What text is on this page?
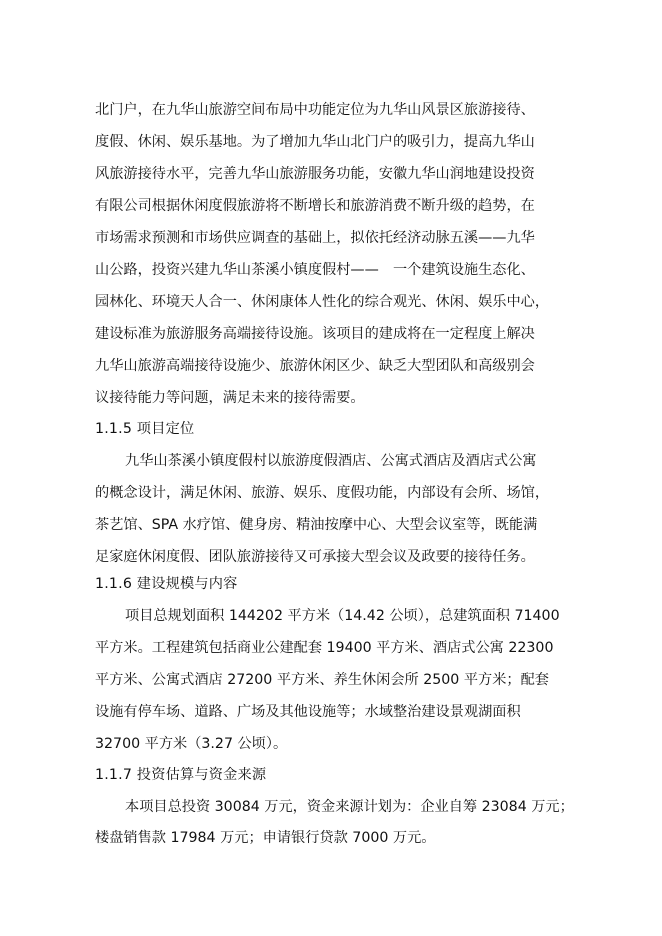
北门户，在九华山旅游空间布局中功能定位为九华山风景区旅游接待、
度假、休闲、娱乐基地。为了增加九华山北门户的吸引力，提高九华山
风旅游接待水平，完善九华山旅游服务功能，安徽九华山润地建设投资
有限公司根据休闲度假旅游将不断增长和旅游消费不断升级的趋势，在
市场需求预测和市场供应调查的基础上，拟依托经济动脉五溪——九华
山公路，投资兴建九华山茶溪小镇度假村——　一个建筑设施生态化、
园林化、环境天人合一、休闲康体人性化的综合观光、休闲、娱乐中心，
建设标准为旅游服务高端接待设施。该项目的建成将在一定程度上解决
九华山旅游高端接待设施少、旅游休闲区少、缺乏大型团队和高级别会
议接待能力等问题，满足未来的接待需要。
1.1.5 项目定位
九华山茶溪小镇度假村以旅游度假酒店、公寓式酒店及酒店式公寓
的概念设计，满足休闲、旅游、娱乐、度假功能，内部设有会所、场馆，
茶艺馆、SPA 水疗馆、健身房、精油按摩中心、大型会议室等，既能满
足家庭休闲度假、团队旅游接待又可承接大型会议及政要的接待任务。
1.1.6 建设规模与内容
项目总规划面积 144202 平方米（14.42 公顷），总建筑面积 71400
平方米。工程建筑包括商业公建配套 19400 平方米、酒店式公寓 22300
平方米、公寓式酒店 27200 平方米、养生休闲会所 2500 平方米；配套
设施有停车场、道路、广场及其他设施等；水域整治建设景观湖面积
32700 平方米（3.27 公顷）。
1.1.7 投资估算与资金来源
本项目总投资 30084 万元，资金来源计划为：企业自筹 23084 万元；
楼盘销售款 17984 万元；申请银行贷款 7000 万元。
